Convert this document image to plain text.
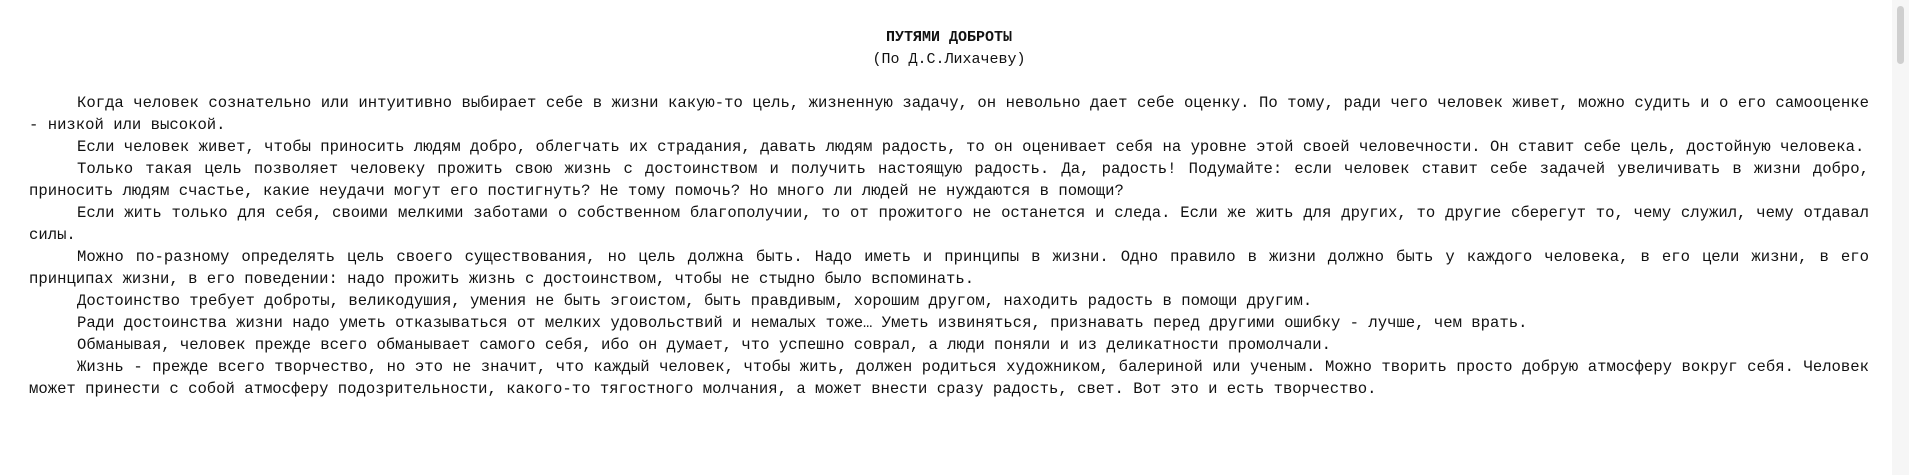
ПУТЯМИ ДОБРОТЫ

(По Д.С.Лихачеву)

Когда человек сознательно или интуитивно выбирает себе в жизни какую-то цель, жизненную задачу, он невольно дает себе оценку. По тому, ради чего человек живет, можно судить и о его самооценке - низкой или высокой.

Если человек живет, чтобы приносить людям добро, облегчать их страдания, давать людям радость, то он оценивает себя на уровне этой своей человечности. Он ставит себе цель, достойную человека.

Только такая цель позволяет человеку прожить свою жизнь с достоинством и получить настоящую радость. Да, радость! Подумайте: если человек ставит себе задачей увеличивать в жизни добро, приносить людям счастье, какие неудачи могут его постигнуть? Не тому помочь? Но много ли людей не нуждаются в помощи?

Если жить только для себя, своими мелкими заботами о собственном благополучии, то от прожитого не останется и следа. Если же жить для других, то другие сберегут то, чему служил, чему отдавал силы.

Можно по-разному определять цель своего существования, но цель должна быть. Надо иметь и принципы в жизни. Одно правило в жизни должно быть у каждого человека, в его цели жизни, в его принципах жизни, в его поведении: надо прожить жизнь с достоинством, чтобы не стыдно было вспоминать.

Достоинство требует доброты, великодушия, умения не быть эгоистом, быть правдивым, хорошим другом, находить радость в помощи другим.

Ради достоинства жизни надо уметь отказываться от мелких удовольствий и немалых тоже… Уметь извиняться, признавать перед другими ошибку - лучше, чем врать.

Обманывая, человек прежде всего обманывает самого себя, ибо он думает, что успешно соврал, а люди поняли и из деликатности промолчали.

Жизнь - прежде всего творчество, но это не значит, что каждый человек, чтобы жить, должен родиться художником, балериной или ученым. Можно творить просто добрую атмосферу вокруг себя. Человек может принести с собой атмосферу подозрительности, какого-то тягостного молчания, а может внести сразу радость, свет. Вот это и есть творчество.
